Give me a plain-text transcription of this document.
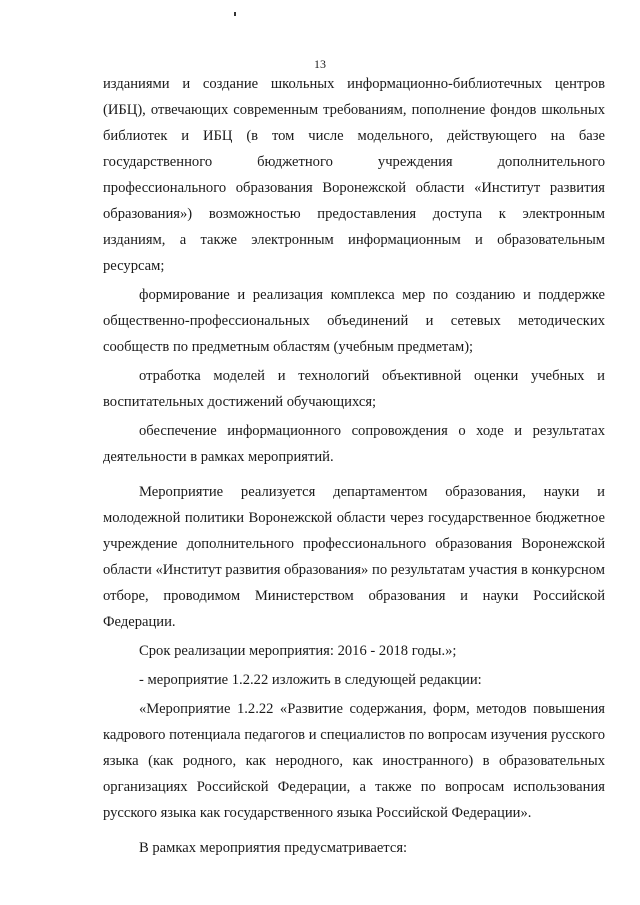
13

изданиями и создание школьных информационно-библиотечных центров (ИБЦ), отвечающих современным требованиям, пополнение фондов школьных библиотек и ИБЦ (в том числе модельного, действующего на базе государственного бюджетного учреждения дополнительного профессионального образования Воронежской области «Институт развития образования») возможностью предоставления доступа к электронным изданиям, а также электронным информационным и образовательным ресурсам;

формирование и реализация комплекса мер по созданию и поддержке общественно-профессиональных объединений и сетевых методических сообществ по предметным областям (учебным предметам);

отработка моделей и технологий объективной оценки учебных и воспитательных достижений обучающихся;

обеспечение информационного сопровождения о ходе и результатах деятельности в рамках мероприятий.

Мероприятие реализуется департаментом образования, науки и молодежной политики Воронежской области через государственное бюджетное учреждение дополнительного профессионального образования Воронежской области «Институт развития образования» по результатам участия в конкурсном отборе, проводимом Министерством образования и науки Российской Федерации.

Срок реализации мероприятия: 2016 - 2018 годы.»;

- мероприятие 1.2.22 изложить в следующей редакции:

«Мероприятие 1.2.22 «Развитие содержания, форм, методов повышения кадрового потенциала педагогов и специалистов по вопросам изучения русского языка (как родного, как неродного, как иностранного) в образовательных организациях Российской Федерации, а также по вопросам использования русского языка как государственного языка Российской Федерации».

В рамках мероприятия предусматривается:
